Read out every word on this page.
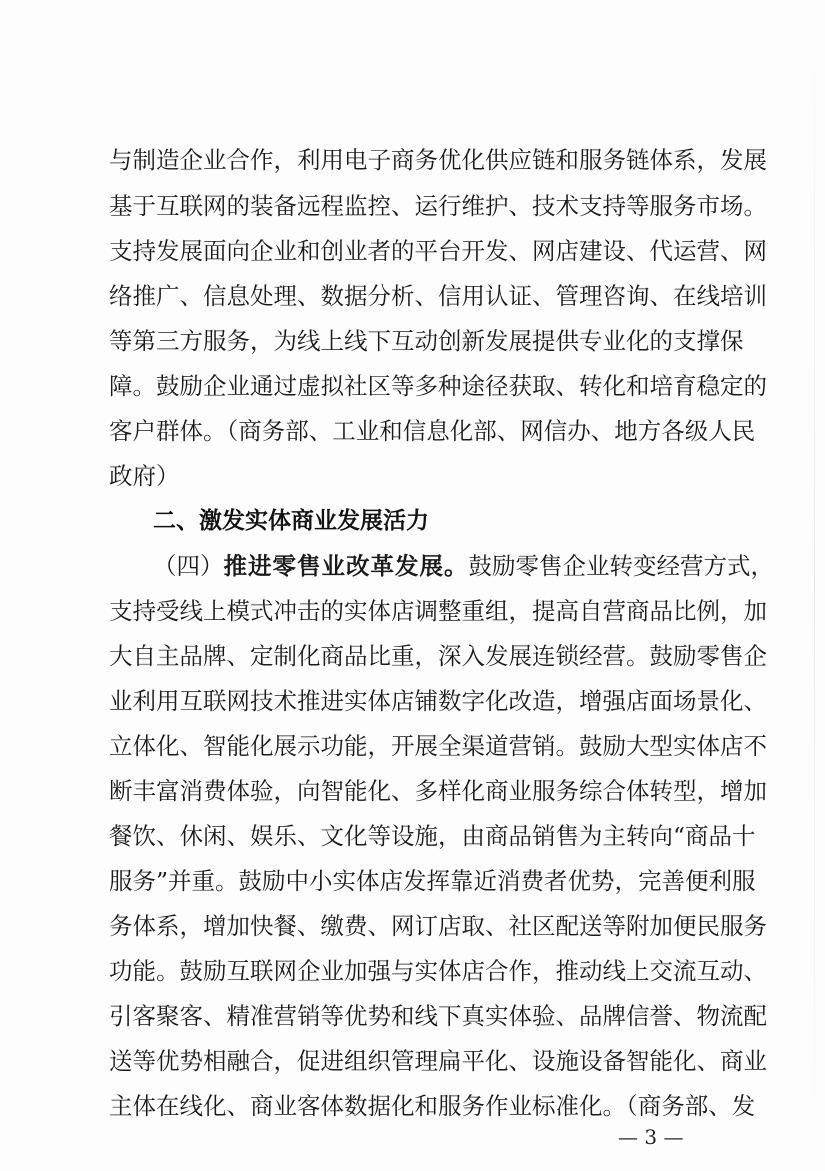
与制造企业合作，利用电子商务优化供应链和服务链体系，发展
基于互联网的装备远程监控、运行维护、技术支持等服务市场。
支持发展面向企业和创业者的平台开发、网店建设、代运营、网
络推广、信息处理、数据分析、信用认证、管理咨询、在线培训
等第三方服务，为线上线下互动创新发展提供专业化的支撑保
障。鼓励企业通过虚拟社区等多种途径获取、转化和培育稳定的
客户群体。（商务部、工业和信息化部、网信办、地方各级人民
政府）
二、激发实体商业发展活力
（四）推进零售业改革发展。鼓励零售企业转变经营方式，
支持受线上模式冲击的实体店调整重组，提高自营商品比例，加
大自主品牌、定制化商品比重，深入发展连锁经营。鼓励零售企
业利用互联网技术推进实体店铺数字化改造，增强店面场景化、
立体化、智能化展示功能，开展全渠道营销。鼓励大型实体店不
断丰富消费体验，向智能化、多样化商业服务综合体转型，增加
餐饮、休闲、娱乐、文化等设施，由商品销售为主转向“商品十
服务”并重。鼓励中小实体店发挥靠近消费者优势，完善便利服
务体系，增加快餐、缴费、网订店取、社区配送等附加便民服务
功能。鼓励互联网企业加强与实体店合作，推动线上交流互动、
引客聚客、精准营销等优势和线下真实体验、品牌信誉、物流配
送等优势相融合，促进组织管理扁平化、设施设备智能化、商业
主体在线化、商业客体数据化和服务作业标准化。（商务部、发
— 3 —
